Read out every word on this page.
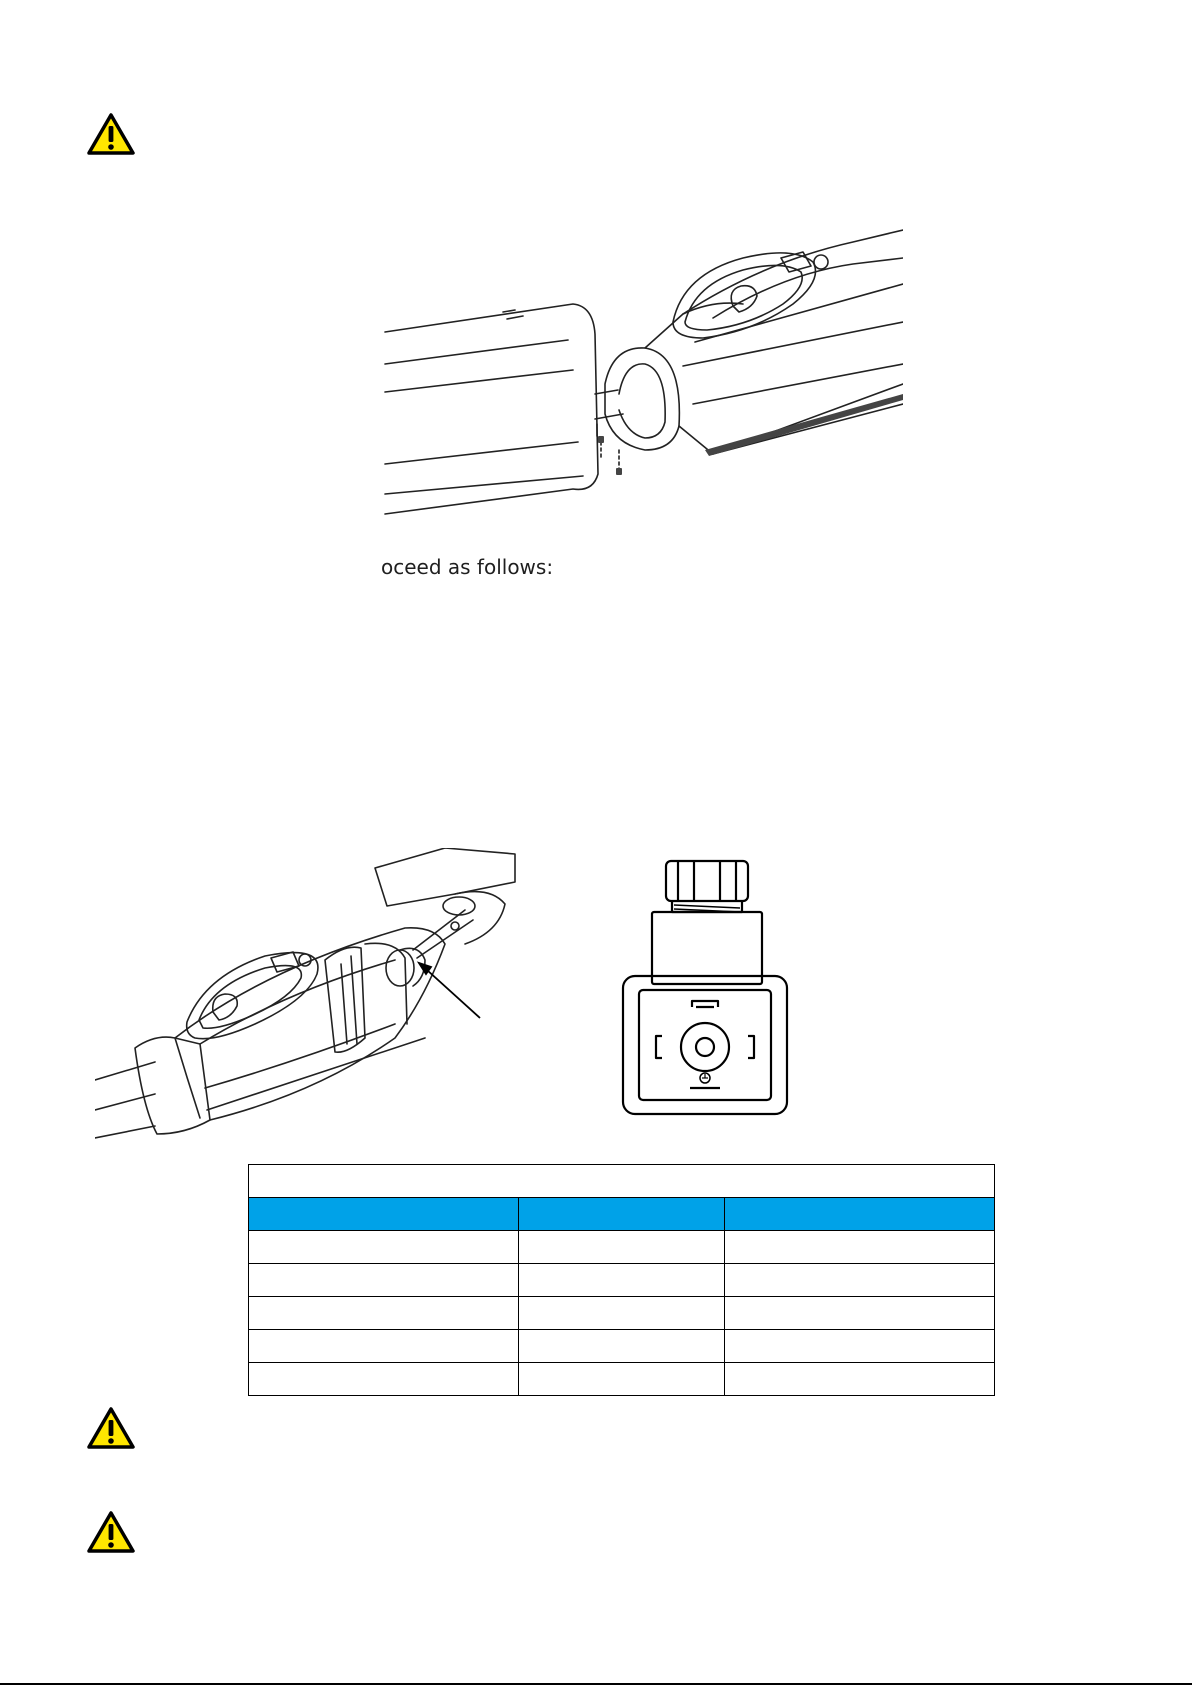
oceed as follows:
